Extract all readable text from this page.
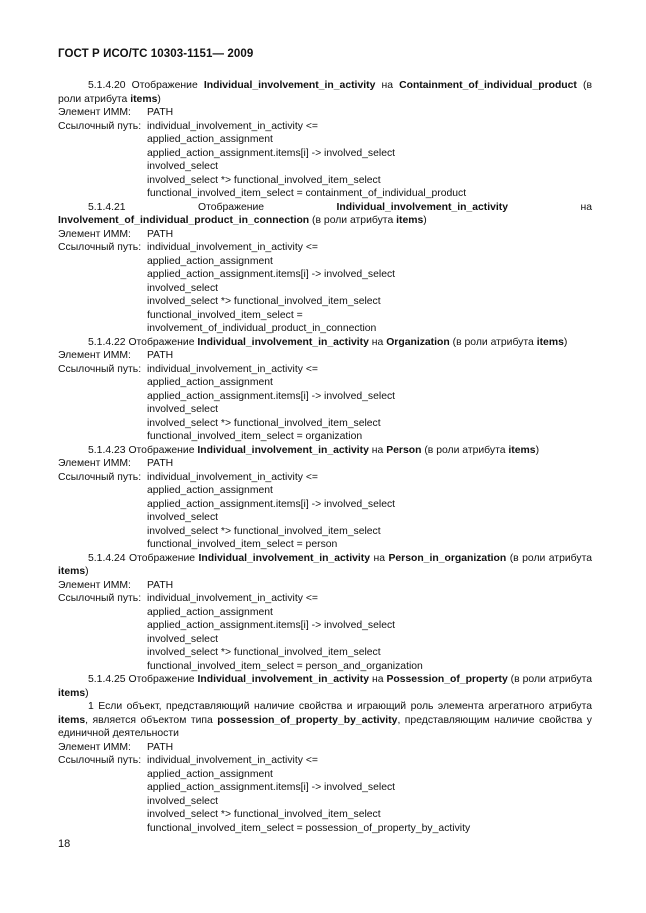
ГОСТ Р ИСО/ТС 10303-1151— 2009

5.1.4.20 Отображение Individual_involvement_in_activity на Containment_of_individual_product (в роли атрибута items)

Элемент ИММ:	PATH
Ссылочный путь: individual_involvement_in_activity <=
applied_action_assignment
applied_action_assignment.items[i] -> involved_select
involved_select
involved_select *> functional_involved_item_select
functional_involved_item_select = containment_of_individual_product

5.1.4.21 Отображение Individual_involvement_in_activity на Involvement_of_individual_product_in_connection (в роли атрибута items)

Элемент ИММ:	PATH
Ссылочный путь: individual_involvement_in_activity <=
applied_action_assignment
applied_action_assignment.items[i] -> involved_select
involved_select
involved_select *> functional_involved_item_select
functional_involved_item_select =
involvement_of_individual_product_in_connection

5.1.4.22 Отображение Individual_involvement_in_activity на Organization (в роли атрибута items)

Элемент ИММ:	PATH
Ссылочный путь: individual_involvement_in_activity <=
applied_action_assignment
applied_action_assignment.items[i] -> involved_select
involved_select
involved_select *> functional_involved_item_select
functional_involved_item_select = organization

5.1.4.23 Отображение Individual_involvement_in_activity на Person (в роли атрибута items)

Элемент ИММ:	PATH
Ссылочный путь: individual_involvement_in_activity <=
applied_action_assignment
applied_action_assignment.items[i] -> involved_select
involved_select
involved_select *> functional_involved_item_select
functional_involved_item_select = person

5.1.4.24 Отображение Individual_involvement_in_activity на Person_in_organization (в роли атрибута items)

Элемент ИММ:	PATH
Ссылочный путь: individual_involvement_in_activity <=
applied_action_assignment
applied_action_assignment.items[i] -> involved_select
involved_select
involved_select *> functional_involved_item_select
functional_involved_item_select = person_and_organization

5.1.4.25 Отображение Individual_involvement_in_activity на Possession_of_property (в роли атрибута items)

1 Если объект, представляющий наличие свойства и играющий роль элемента агрегатного атрибута items, является объектом типа possession_of_property_by_activity, представляющим наличие свойства у единичной деятельности

Элемент ИММ:	PATH
Ссылочный путь: individual_involvement_in_activity <=
applied_action_assignment
applied_action_assignment.items[i] -> involved_select
involved_select
involved_select *> functional_involved_item_select
functional_involved_item_select = possession_of_property_by_activity
18
